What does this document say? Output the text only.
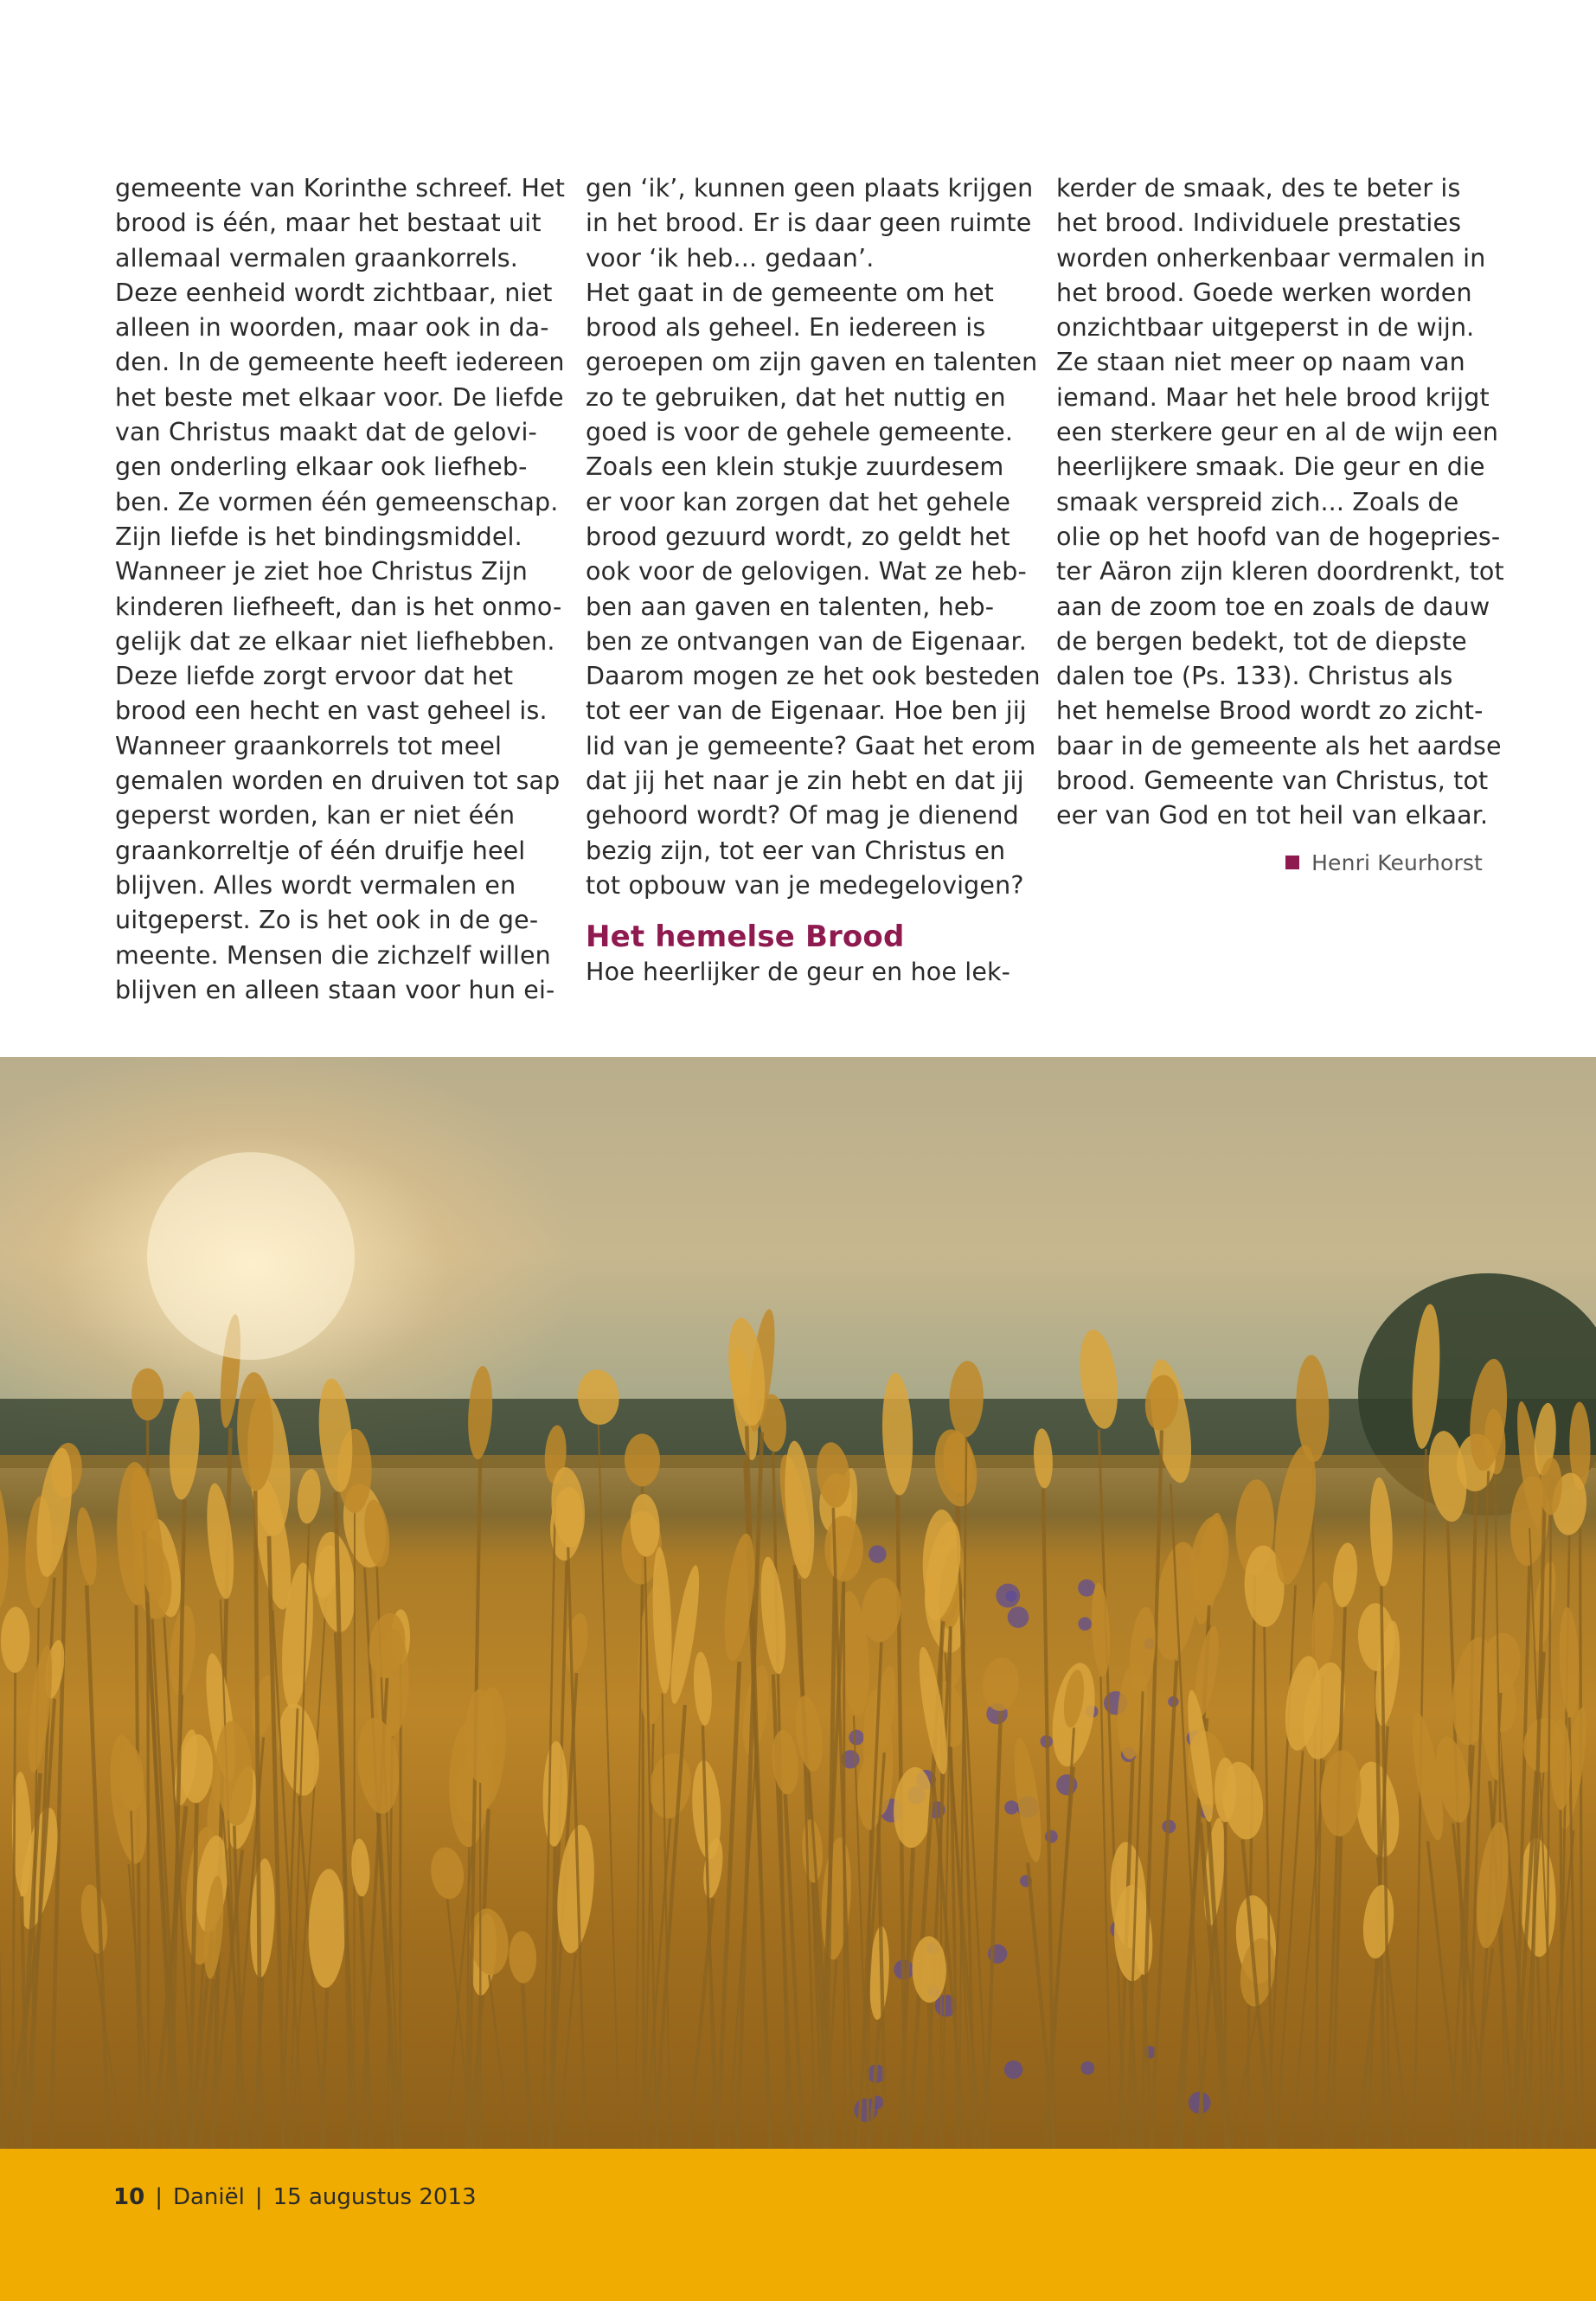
gemeente van Korinthe schreef. Het
brood is één, maar het bestaat uit
allemaal vermalen graankorrels.
Deze eenheid wordt zichtbaar, niet
alleen in woorden, maar ook in da-
den. In de gemeente heeft iedereen
het beste met elkaar voor. De liefde
van Christus maakt dat de gelovi-
gen onderling elkaar ook liefheb-
ben. Ze vormen één gemeenschap.
Zijn liefde is het bindingsmiddel.
Wanneer je ziet hoe Christus Zijn
kinderen liefheeft, dan is het onmo-
gelijk dat ze elkaar niet liefhebben.
Deze liefde zorgt ervoor dat het
brood een hecht en vast geheel is.
Wanneer graankorrels tot meel
gemalen worden en druiven tot sap
geperst worden, kan er niet één
graankorreltje of één druifje heel
blijven. Alles wordt vermalen en
uitgeperst. Zo is het ook in de ge-
meente. Mensen die zichzelf willen
blijven en alleen staan voor hun ei-
gen ‘ik’, kunnen geen plaats krijgen
in het brood. Er is daar geen ruimte
voor ‘ik heb... gedaan’.
Het gaat in de gemeente om het
brood als geheel. En iedereen is
geroepen om zijn gaven en talenten
zo te gebruiken, dat het nuttig en
goed is voor de gehele gemeente.
Zoals een klein stukje zuurdesem
er voor kan zorgen dat het gehele
brood gezuurd wordt, zo geldt het
ook voor de gelovigen. Wat ze heb-
ben aan gaven en talenten, heb-
ben ze ontvangen van de Eigenaar.
Daarom mogen ze het ook besteden
tot eer van de Eigenaar. Hoe ben jij
lid van je gemeente? Gaat het erom
dat jij het naar je zin hebt en dat jij
gehoord wordt? Of mag je dienend
bezig zijn, tot eer van Christus en
tot opbouw van je medegelovigen?
Het hemelse Brood
Hoe heerlijker de geur en hoe lek-
kerder de smaak, des te beter is
het brood. Individuele prestaties
worden onherkenbaar vermalen in
het brood. Goede werken worden
onzichtbaar uitgeperst in de wijn.
Ze staan niet meer op naam van
iemand. Maar het hele brood krijgt
een sterkere geur en al de wijn een
heerlijkere smaak. Die geur en die
smaak verspreid zich... Zoals de
olie op het hoofd van de hogepries-
ter Aäron zijn kleren doordrenkt, tot
aan de zoom toe en zoals de dauw
de bergen bedekt, tot de diepste
dalen toe (Ps. 133). Christus als
het hemelse Brood wordt zo zicht-
baar in de gemeente als het aardse
brood. Gemeente van Christus, tot
eer van God en tot heil van elkaar.
Henri Keurhorst
10 | Daniël | 15 augustus 2013
